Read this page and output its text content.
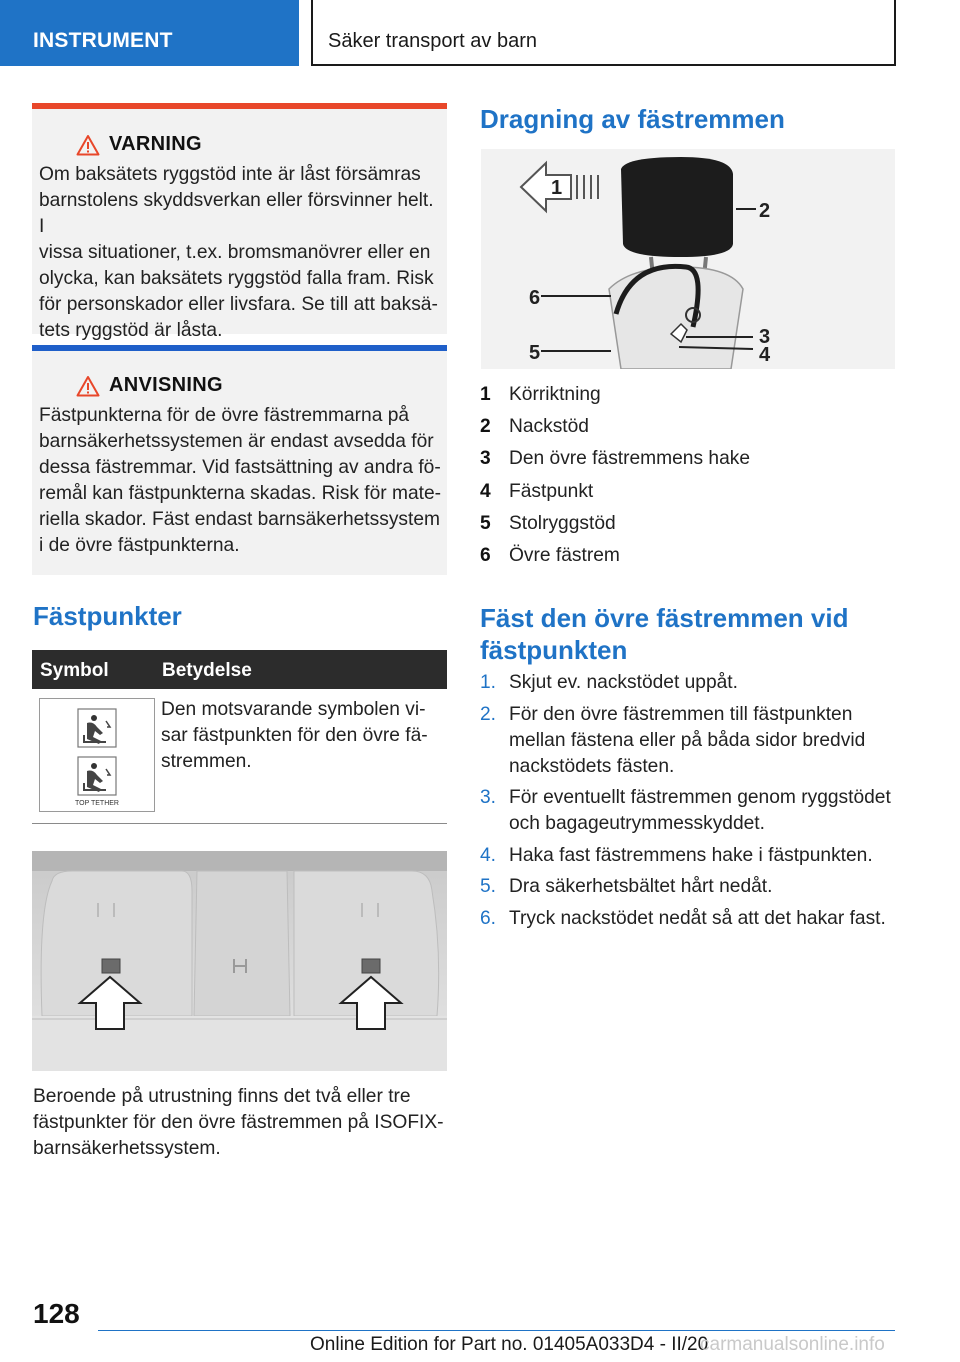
INSTRUMENT	Säker transport av barn
VARNING
Om baksätets ryggstöd inte är låst försämras
barnstolens skyddsverkan eller försvinner helt. I
vissa situationer, t.ex. bromsmanövrer eller en
olycka, kan baksätets ryggstöd falla fram. Risk
för personskador eller livsfara. Se till att baksä-
tets ryggstöd är låsta.
ANVISNING
Fästpunkterna för de övre fästremmarna på
barnsäkerhetssystemen är endast avsedda för
dessa fästremmar. Vid fastsättning av andra fö-
remål kan fästpunkterna skadas. Risk för mate-
riella skador. Fäst endast barnsäkerhetssystem
i de övre fästpunkterna.
Fästpunkter
Symbol	Betydelse
TOP TETHER
Den motsvarande symbolen vi-
sar fästpunkten för den övre fä-
stremmen.
Beroende på utrustning finns det två eller tre
fästpunkter för den övre fästremmen på ISOFIX-
barnsäkerhetssystem.
Dragning av fästremmen
1
2
6
3
4
5
1 Körriktning
2 Nackstöd
3 Den övre fästremmens hake
4 Fästpunkt
5 Stolryggstöd
6 Övre fästrem
Fäst den övre fästremmen vid
fästpunkten
1. Skjut ev. nackstödet uppåt.
2. För den övre fästremmen till fästpunkten mellan fästena eller på båda sidor bredvid nackstödets fästen.
3. För eventuellt fästremmen genom ryggstödet och bagageutrymmesskyddet.
4. Haka fast fästremmens hake i fästpunkten.
5. Dra säkerhetsbältet hårt nedåt.
6. Tryck nackstödet nedåt så att det hakar fast.
128
Online Edition for Part no. 01405A033D4 - II/20
carmanualsonline.info
